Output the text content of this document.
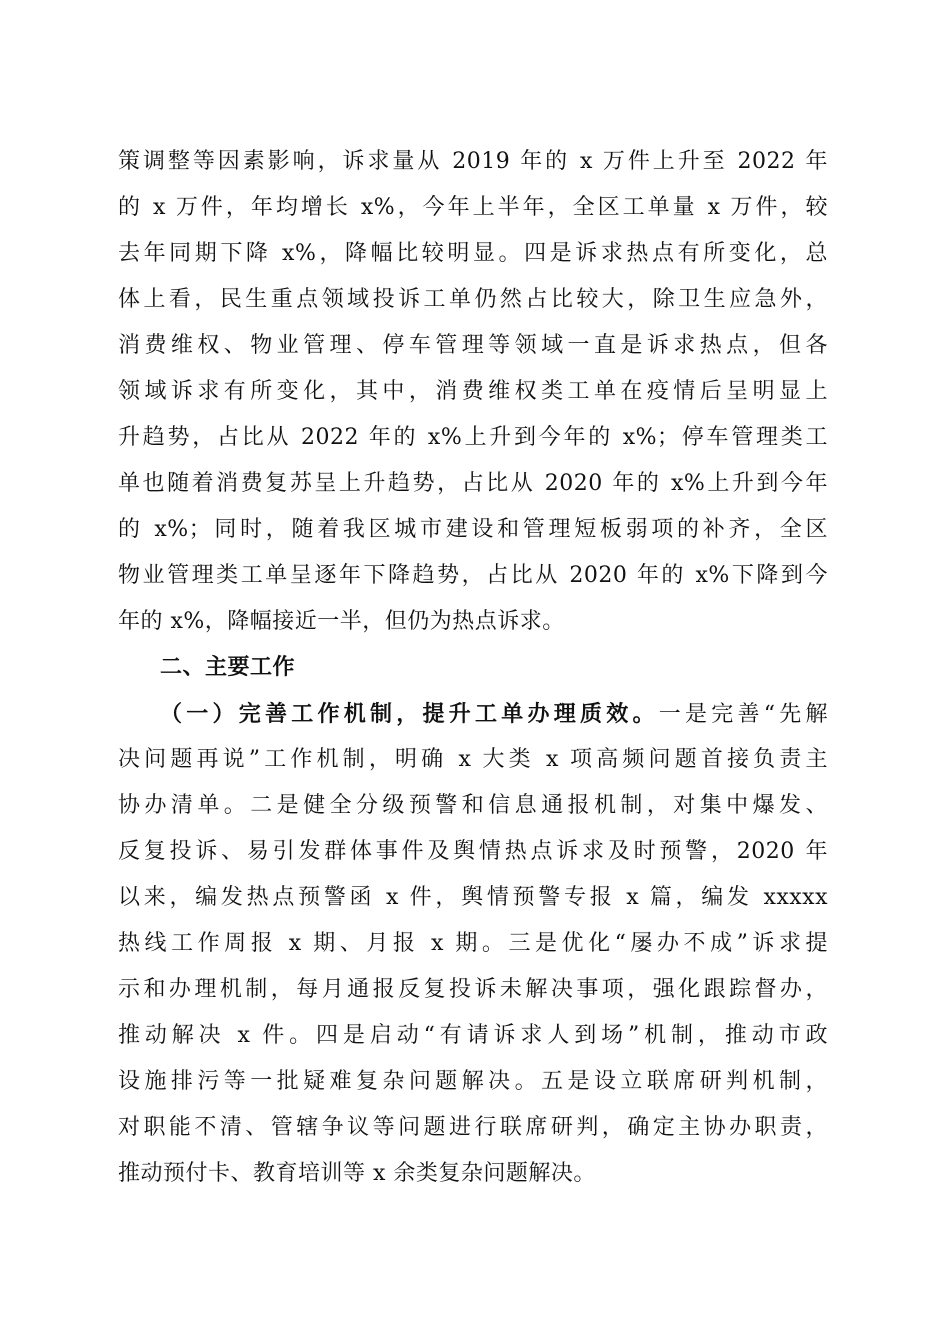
策调整等因素影响，诉求量从 2019 年的 x 万件上升至 2022 年
的 x 万件，年均增长 x%，今年上半年，全区工单量 x 万件，较
去年同期下降 x%，降幅比较明显。四是诉求热点有所变化，总
体上看，民生重点领域投诉工单仍然占比较大，除卫生应急外，
消费维权、物业管理、停车管理等领域一直是诉求热点，但各
领域诉求有所变化，其中，消费维权类工单在疫情后呈明显上
升趋势，占比从 2022 年的 x%上升到今年的 x%；停车管理类工
单也随着消费复苏呈上升趋势，占比从 2020 年的 x%上升到今年
的 x%；同时，随着我区城市建设和管理短板弱项的补齐，全区
物业管理类工单呈逐年下降趋势，占比从 2020 年的 x%下降到今
年的 x%，降幅接近一半，但仍为热点诉求。
二、主要工作
（一）完善工作机制，提升工单办理质效。一是完善“先解
决问题再说”工作机制，明确 x 大类 x 项高频问题首接负责主
协办清单。二是健全分级预警和信息通报机制，对集中爆发、
反复投诉、易引发群体事件及舆情热点诉求及时预警，2020 年
以来，编发热点预警函 x 件，舆情预警专报 x 篇，编发 xxxxx
热线工作周报 x 期、月报 x 期。三是优化“屡办不成”诉求提
示和办理机制，每月通报反复投诉未解决事项，强化跟踪督办，
推动解决 x 件。四是启动“有请诉求人到场”机制，推动市政
设施排污等一批疑难复杂问题解决。五是设立联席研判机制，
对职能不清、管辖争议等问题进行联席研判，确定主协办职责，
推动预付卡、教育培训等 x 余类复杂问题解决。
